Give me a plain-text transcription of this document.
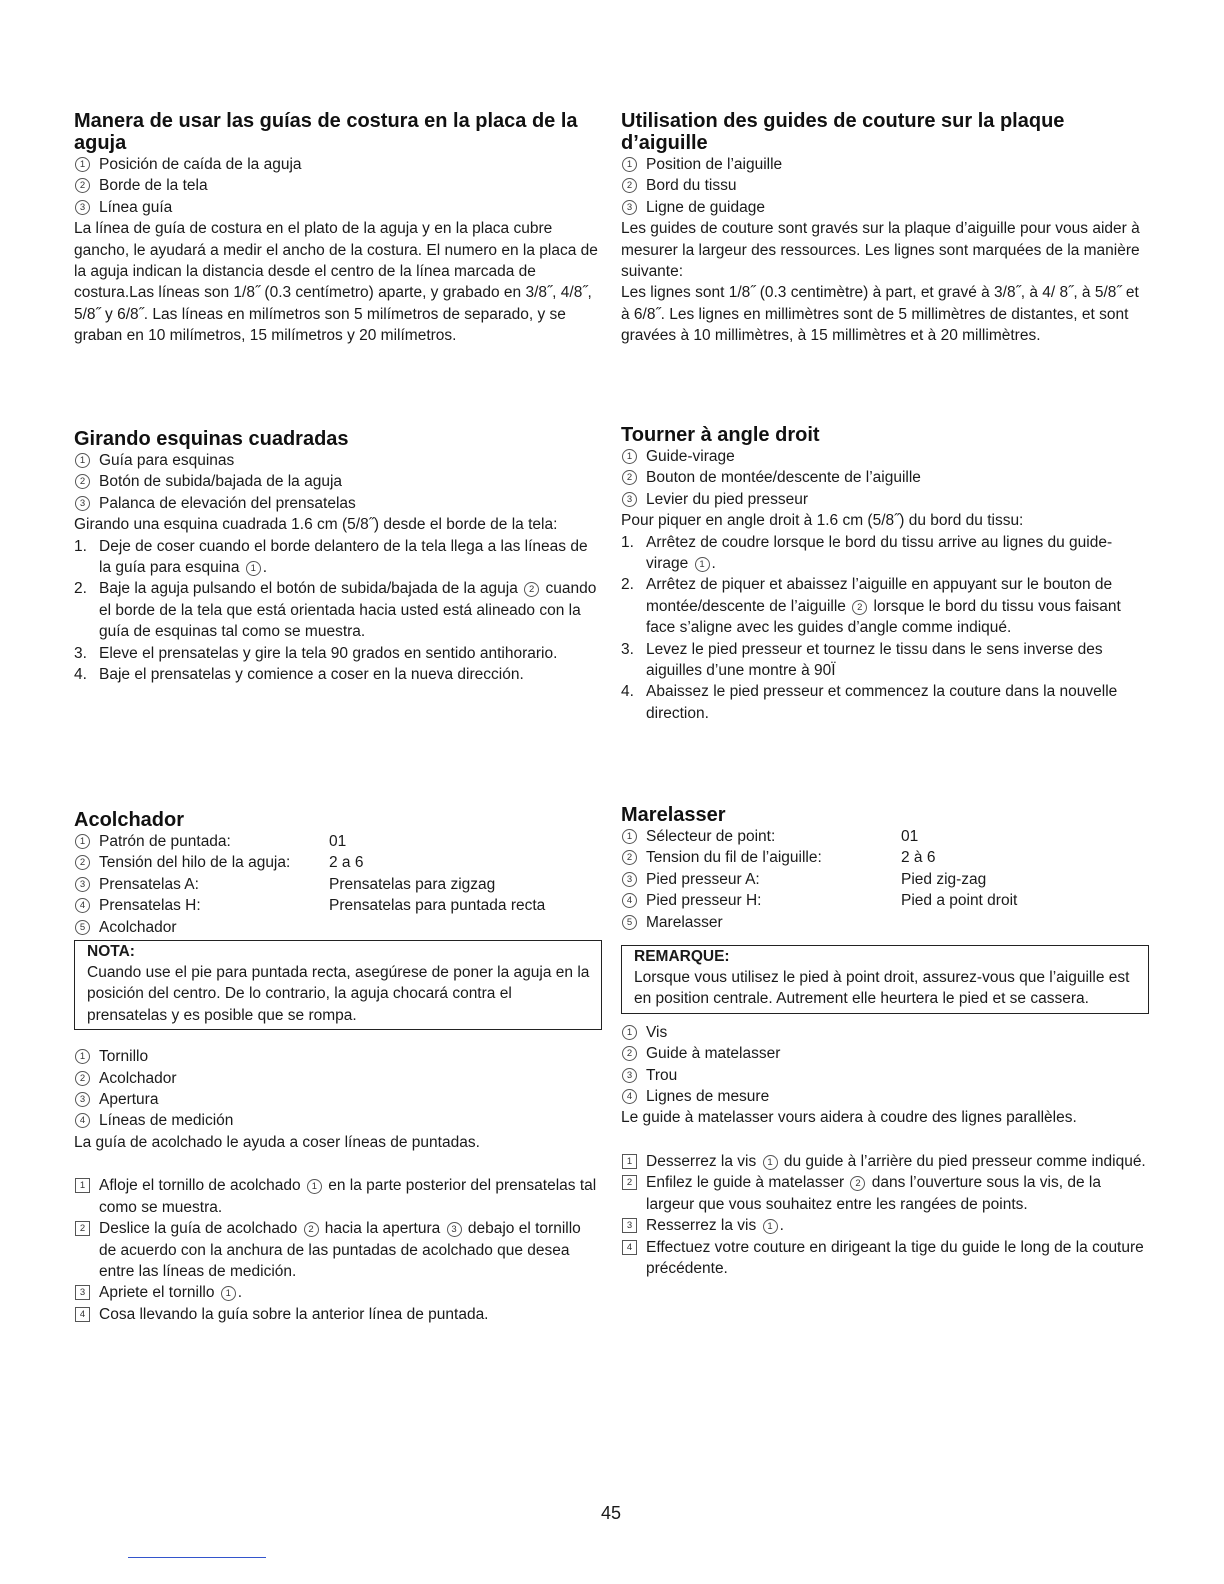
Manera de usar las guías de costura en la placa de la aguja
1 Posición de caída de la aguja
2 Borde de la tela
3 Línea guía

La línea de guía de costura en el plato de la aguja y en la placa cubre gancho, le ayudará a medir el ancho de la costura. El numero en la placa de la aguja indican la distancia desde el centro de la línea marcada de costura.Las líneas son 1/8˝ (0.3 centímetro) aparte, y grabado en 3/8˝, 4/8˝, 5/8˝ y 6/8˝. Las líneas en milímetros son 5 milímetros de separado, y se graban en 10 milímetros, 15 milímetros y 20 milímetros.

Girando esquinas cuadradas
1 Guía para esquinas
2 Botón de subida/bajada de la aguja
3 Palanca de elevación del prensatelas

Girando una esquina cuadrada 1.6 cm (5/8˝) desde el borde de la tela:

1. Deje de coser cuando el borde delantero de la tela llega a las líneas de la guía para esquina 1 .
2. Baje la aguja pulsando el botón de subida/bajada de la aguja 2 cuando el borde de la tela que está orientada hacia usted está alineado con la guía de esquinas tal como se muestra.
3. Eleve el prensatelas y gire la tela 90 grados en sentido antihorario.
4. Baje el prensatelas y comience a coser en la nueva dirección.
Acolchador
1 Patrón de puntada:	01
2 Tensión del hilo de la aguja: 2 a 6
3 Prensatelas A:	Prensatelas para zigzag
4 Prensatelas H:	Prensatelas para puntada recta
5 Acolchador
NOTA:
Cuando use el pie para puntada recta, asegúrese de poner la aguja en la posición del centro. De lo contrario, la aguja chocará contra el prensatelas y es posible que se rompa.
1 Tornillo
2 Acolchador
3 Apertura
4 Líneas de medición

La guía de acolchado le ayuda a coser líneas de puntadas.

1 Afloje el tornillo de acolchado 1 en la parte posterior del prensatelas tal como se muestra.
2 Deslice la guía de acolchado 2 hacia la apertura 3 debajo el tornillo de acuerdo con la anchura de las puntadas de acolchado que desea entre las líneas de medición.
3 Apriete el tornillo 1 .
4 Cosa llevando la guía sobre la anterior línea de puntada.
Utilisation des guides de couture sur la plaque d’aiguille
1 Position de l’aiguille
2 Bord du tissu
3 Ligne de guidage

Les guides de couture sont gravés sur la plaque d’aiguille pour vous aider à mesurer la largeur des ressources. Les lignes sont marquées de la manière suivante:

Les lignes sont 1/8˝ (0.3 centimètre) à part, et gravé à 3/8˝, à 4/ 8˝, à 5/8˝ et à 6/8˝. Les lignes en millimètres sont de 5 millimètres de distantes, et sont gravées à 10 millimètres, à 15 millimètres et à 20 millimètres.

Tourner à angle droit
1 Guide-virage
2 Bouton de montée/descente de l’aiguille
3 Levier du pied presseur

Pour piquer en angle droit à 1.6 cm (5/8˝) du bord du tissu:

1. Arrêtez de coudre lorsque le bord du tissu arrive au lignes du guide-virage 1 .
2. Arrêtez de piquer et abaissez l’aiguille en appuyant sur le bouton de montée/descente de l’aiguille 2 lorsque le bord du tissu vous faisant face s’aligne avec les guides d’angle comme indiqué.
3. Levez le pied presseur et tournez le tissu dans le sens inverse des aiguilles d’une montre à 90Ϊ
4. Abaissez le pied presseur et commencez la couture dans la nouvelle direction.
Marelasser
1 Sélecteur de point:	01
2 Tension du fil de l’aiguille:	2 à 6
3 Pied presseur A:	Pied zig-zag
4 Pied presseur H:	Pied a point droit
5 Marelasser
REMARQUE:
Lorsque vous utilisez le pied à point droit, assurez-vous que l’aiguille est en position centrale. Autrement elle heurtera le pied et se cassera.
1 Vis
2 Guide à matelasser
3 Trou
4 Lignes de mesure

Le guide à matelasser vours aidera à coudre des lignes parallèles.

1 Desserrez la vis 1 du guide à l’arrière du pied presseur comme indiqué.
2 Enfilez le guide à matelasser 2 dans l’ouverture sous la vis, de la largeur que vous souhaitez entre les rangées de points.
3 Resserrez la vis 1 .
4 Effectuez votre couture en dirigeant la tige du guide le long de la couture précédente.
45
